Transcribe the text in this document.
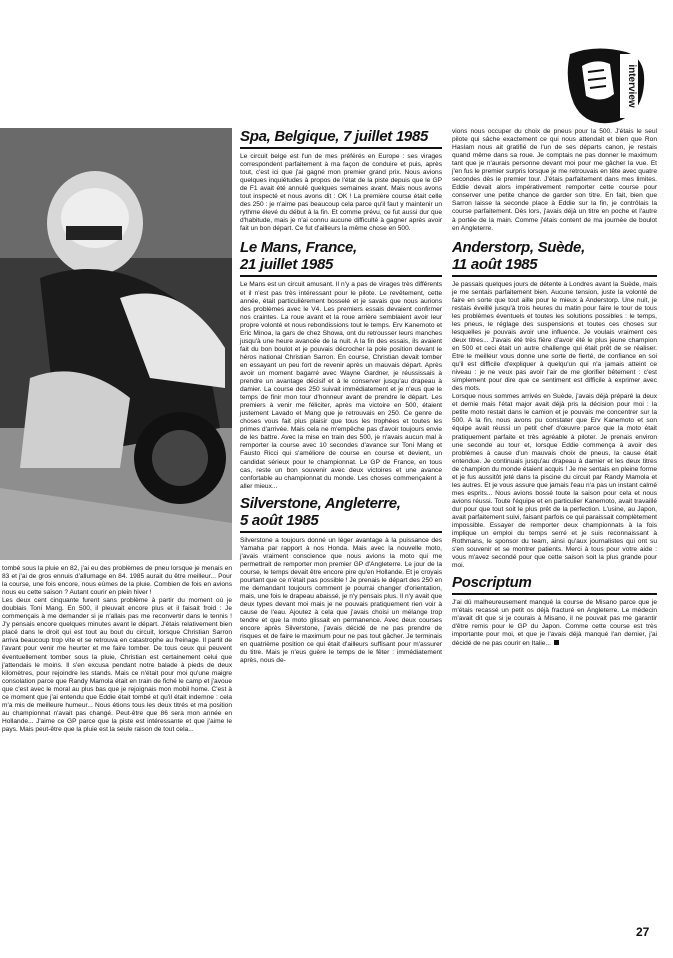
interview

tombé sous la pluie en 82, j'ai eu des problèmes de pneu lorsque je menais en 83 et j'ai de gros ennuis d'allumage en 84. 1985 aurait du être meilleur... Pour la course, une fois encore, nous eûmes de la pluie. Combien de fois en avions nous eu cette saison ? Autant courir en plein hiver !

Les deux cent cinquante furent sans problème à partir du moment où je doublais Toni Mang. En 500, il pleuvait encore plus et il faisait froid : Je commençais à me demander si je n'allais pas me reconvertir dans le tennis ! J'y pensais encore quelques minutes avant le départ. J'étais relativement bien placé dans le droit qui est tout au bout du circuit, lorsque Christian Sarron arriva beaucoup trop vite et se retrouva en catastrophe au freinage. Il partit de l'avant pour venir me heurter et me faire tomber. De tous ceux qui peuvent éventuellement tomber sous la pluie, Christian est certainement celui que j'attendais le moins. Il s'en excusa pendant notre balade à pieds de deux kilomètres, pour rejoindre les stands. Mais ce n'était pour moi qu'une maigre consolation parce que Randy Mamola était en train de fiché le camp et j'avoue que c'est avec le moral au plus bas que je rejoignais mon mobil home. C'est à ce moment que j'ai entendu que Eddie était tombé et qu'il était indemne : cela m'a mis de meilleure humeur... Nous étions tous les deux titrés et ma position au championnat n'avait pas changé. Peut-être que 86 sera mon année en Hollande... J'aime ce GP parce que la piste est intéressante et que j'aime le pays. Mais peut-être que la pluie est la seule raison de tout cela...

Spa, Belgique, 7 juillet 1985

Le circuit belge est l'un de mes préférés en Europe : ses virages correspondent parfaitement à ma façon de conduire et puis, après tout, c'est ici que j'ai gagné mon premier grand prix. Nous avions quelques inquiétudes à propos de l'état de la piste depuis que le GP de F1 avait été annulé quelques semaines avant. Mais nous avons tout inspecté et nous avons dit : OK ! La première course était celle des 250 : je n'aime pas beaucoup cela parce qu'il faut y maintenir un rythme élevé du début à la fin. Et comme prévu, ce fut aussi dur que d'habitude, mais je n'ai connu aucune difficulté à gagner après avoir fait un bon départ. Ce fut d'ailleurs la même chose en 500.

Le Mans, France,
21 juillet 1985

Le Mans est un circuit amusant. Il n'y a pas de virages très différents et il n'est pas très intéressant pour le pilote. Le revêtement, cette année, était particulièrement bosselé et je savais que nous aurions des problèmes avec le V4. Les premiers essais devaient confirmer nos craintes. La roue avant et la roue arrière semblaient avoir leur propre volonté et nous rebondissions tout le temps. Erv Kanemoto et Eric Minoa, la gars de chez Showa, ont du retrousser leurs manches jusqu'à une heure avancée de la nuit. A la fin des essais, ils avaient fait du bon boulot et je pouvais décrocher la pole position devant le héros national Christian Sarron. En course, Christian devait tomber en essayant un peu fort de revenir après un mauvais départ. Après avoir un moment bagarré avec Wayne Gardner, je réussissais à prendre un avantage décisif et à le conserver jusqu'au drapeau à damier. La course des 250 suivait immédiatement et je n'eus que le temps de finir mon tour d'honneur avant de prendre le départ. Les premiers à venir me féliciter, après ma victoire en 500, étaient justement Lavado et Mang que je retrouvais en 250. Ce genre de choses vous fait plus plaisir que tous les trophées et toutes les primes d'arrivée. Mais cela ne m'empêche pas d'avoir toujours envie de les battre. Avec la mise en train des 500, je n'avais aucun mal à remporter la course avec 10 secondes d'avance sur Toni Mang et Fausto Ricci qui s'améliore de course en course et devient, un candidat sérieux pour le championnat. Le GP de France, en tous cas, reste un bon souvenir avec deux victoires et une avance confortable au championnat du monde. Les choses commençaient à aller mieux...

Silverstone, Angleterre,
5 août 1985

Silverstone a toujours donné un léger avantage à la puissance des Yamaha par rapport à nos Honda. Mais avec la nouvelle moto, j'avais vraiment conscience que nous avions la moto qui me permettrait de remporter mon premier GP d'Angleterre. Le jour de la course, le temps devait être encore pire qu'en Hollande. Et je croyais pourtant que ce n'était pas possible ! Je prenais le départ des 250 en me demandant toujours comment je pourrai changer d'orientation, mais, une fois le drapeau abaissé, je n'y pensais plus. Il n'y avait que deux types devant moi mais je ne pouvais pratiquement rien voir à cause de l'eau. Ajoutez à cela que j'avais choisi un mélange trop tendre et que la moto glissait en permanence. Avec deux courses encore après Silverstone, j'avais décidé de ne pas prendre de risques et de faire le maximum pour ne pas tout gâcher. Je terminais en quatrième position ce qui était d'ailleurs suffisant pour m'assurer du titre. Mais je n'eus guère le temps de le fêter : immédiatement après, nous de-

vions nous occuper du choix de pneus pour la 500. J'étais le seul pilote qui sâche exactement ce qui nous attendait et bien que Ron Haslam nous ait gratifié de l'un de ses départs canon, je restais quand même dans sa roue. Je comptais ne pas donner le maximum tant que je n'aurais personne devant moi pour me gâcher la vue. Et j'en fus le premier surpris lorsque je me retrouvais en tête avec quatre secondes dès le premier tour. J'étais parfaitement dans mes limites. Eddie devait alors impérativement remporter cette course pour conserver une petite chance de garder son titre. En fait, bien que Sarron laisse la seconde place à Eddie sur la fin, je contrôlais la course parfaitement. Dès lors, j'avais déjà un titre en poche et l'autre à portée de la main. Comme j'étais content de ma journée de boulot en Angleterre.

Anderstorp, Suède,
11 août 1985

Je passais quelques jours de détente à Londres avant la Suède, mais je me sentais parfaitement bien. Aucune tension, juste la volonté de faire en sorte que tout aille pour le mieux à Anderstorp. Une nuit, je restais éveillé jusqu'à trois heures du matin pour faire le tour de tous les problèmes éventuels et toutes les solutions possibles : le temps, les pneus, le réglage des suspensions et toutes ces choses sur lesquelles je pouvais avoir une influence. Je voulais vraiment ces deux titres... J'avais été très fière d'avoir été le plus jeune champion en 500 et ceci était un autre challenge qui était prêt de se réaliser. Etre le meilleur vous donne une sorte de fierté, de confiance en soi qu'il est difficile d'expliquer à quelqu'un qui n'a jamais atteint ce niveau : je ne veux pas avoir l'air de me glorifier bêtement : c'est simplement pour dire que ce sentiment est difficile à exprimer avec des mots.

Lorsque nous sommes arrivés en Suède, j'avais déjà préparé la deux et demie mais l'état major avait déjà pris la décision pour moi : la petite moto restait dans le camion et je pouvais me concentrer sur la 500. A la fin, nous avons pu constater que Erv Kanemoto et son équipe avait réussi un petit chef d'œuvre parce que la moto était pratiquement parfaite et très agréable à piloter. Je prenais environ une seconde au tour et, lorsque Eddie commença à avoir des problèmes à cause d'un mauvais choix de pneus, la cause était entendue. Je continuais jusqu'au drapeau à damier et les deux titres de champion du monde étaient acquis ! Je me sentais en pleine forme et je fus aussitôt jeté dans la piscine du circuit par Randy Mamola et les autres. Et je vous assure que jamais l'eau n'a pas un instant calmé mes esprits... Nous avions bossé toute la saison pour cela et nous avions réussi. Toute l'équipe et en particulier Kanemoto, avait travaillé dur pour que tout soit le plus prêt de la perfection. L'usine, au Japon, avait parfaitement suivi, faisant parfois ce qui paraissait complètement impossible. Essayer de remporter deux championnats à la fois implique un emploi du temps serré et je suis reconnaissant à Rothmans, le sponsor du team, ainsi qu'aux journalistes qui ont su s'en souvenir et se montrer patients. Merci à tous pour votre aide : vous m'avez secondé pour que cette saison soit la plus grande pour moi.

Poscriptum

J'ai dû malheureusement manqué la course de Misano parce que je m'étais recassé un petit os déjà fracturé en Angleterre. Le médecin m'avait dit que si je courais à Misano, il ne pouvait pas me garantir d'être remis pour le GP du Japon. Comme cette course est très importante pour moi, et que je l'avais déjà manqué l'an dernier, j'ai décidé de ne pas courir en Italie...

27
